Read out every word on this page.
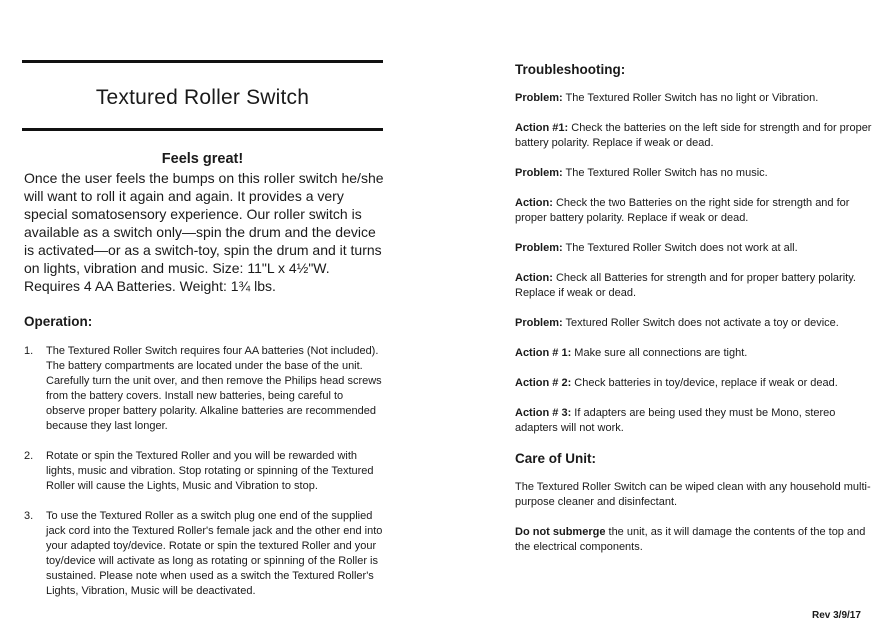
Textured Roller Switch
Feels great!
Once the user feels the bumps on this roller switch he/she will want to roll it again and again. It provides a very special somatosensory experience. Our roller switch is available as a switch only—spin the drum and the device is activated—or as a switch-toy, spin the drum and it turns on lights, vibration and music. Size: 11"L x 4½"W. Requires 4 AA Batteries. Weight: 1¾ lbs.
Operation:
1. The Textured Roller Switch requires four AA batteries (Not included). The battery compartments are located under the base of the unit. Carefully turn the unit over, and then remove the Philips head screws from the battery covers. Install new batteries, being careful to observe proper battery polarity. Alkaline batteries are recommended because they last longer.
2. Rotate or spin the Textured Roller and you will be rewarded with lights, music and vibration. Stop rotating or spinning of the Textured Roller will cause the Lights, Music and Vibration to stop.
3. To use the Textured Roller as a switch plug one end of the supplied jack cord into the Textured Roller's female jack and the other end into your adapted toy/device. Rotate or spin the textured Roller and your toy/device will activate as long as rotating or spinning of the Roller is sustained. Please note when used as a switch the Textured Roller's Lights, Vibration, Music will be deactivated.
Troubleshooting:

Problem: The Textured Roller Switch has no light or Vibration.

Action #1: Check the batteries on the left side for strength and for proper battery polarity. Replace if weak or dead.

Problem: The Textured Roller Switch has no music.

Action: Check the two Batteries on the right side for strength and for proper battery polarity. Replace if weak or dead.

Problem: The Textured Roller Switch does not work at all.

Action: Check all Batteries for strength and for proper battery polarity. Replace if weak or dead.

Problem: Textured Roller Switch does not activate a toy or device.

Action # 1: Make sure all connections are tight.

Action # 2: Check batteries in toy/device, replace if weak or dead.

Action # 3: If adapters are being used they must be Mono, stereo adapters will not work.

Care of Unit:

The Textured Roller Switch can be wiped clean with any household multi-purpose cleaner and disinfectant.

Do not submerge the unit, as it will damage the contents of the top and the electrical components.

Rev 3/9/17
